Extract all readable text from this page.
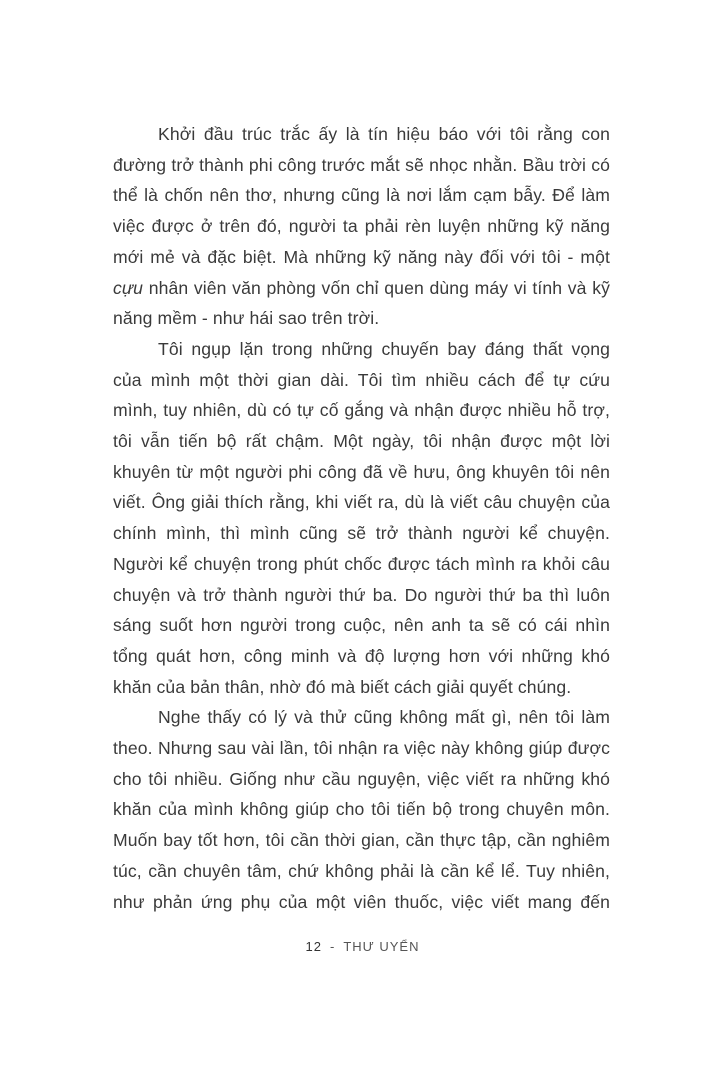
Khởi đầu trúc trắc ấy là tín hiệu báo với tôi rằng con đường trở thành phi công trước mắt sẽ nhọc nhằn. Bầu trời có thể là chốn nên thơ, nhưng cũng là nơi lắm cạm bẫy. Để làm việc được ở trên đó, người ta phải rèn luyện những kỹ năng mới mẻ và đặc biệt. Mà những kỹ năng này đối với tôi - một cựu nhân viên văn phòng vốn chỉ quen dùng máy vi tính và kỹ năng mềm - như hái sao trên trời.

Tôi ngụp lặn trong những chuyến bay đáng thất vọng của mình một thời gian dài. Tôi tìm nhiều cách để tự cứu mình, tuy nhiên, dù có tự cố gắng và nhận được nhiều hỗ trợ, tôi vẫn tiến bộ rất chậm. Một ngày, tôi nhận được một lời khuyên từ một người phi công đã về hưu, ông khuyên tôi nên viết. Ông giải thích rằng, khi viết ra, dù là viết câu chuyện của chính mình, thì mình cũng sẽ trở thành người kể chuyện. Người kể chuyện trong phút chốc được tách mình ra khỏi câu chuyện và trở thành người thứ ba. Do người thứ ba thì luôn sáng suốt hơn người trong cuộc, nên anh ta sẽ có cái nhìn tổng quát hơn, công minh và độ lượng hơn với những khó khăn của bản thân, nhờ đó mà biết cách giải quyết chúng.

Nghe thấy có lý và thử cũng không mất gì, nên tôi làm theo. Nhưng sau vài lần, tôi nhận ra việc này không giúp được cho tôi nhiều. Giống như cầu nguyện, việc viết ra những khó khăn của mình không giúp cho tôi tiến bộ trong chuyên môn. Muốn bay tốt hơn, tôi cần thời gian, cần thực tập, cần nghiêm túc, cần chuyên tâm, chứ không phải là cần kể lể. Tuy nhiên, như phản ứng phụ của một viên thuốc, việc viết mang đến

12 - THƯ UYỂN
